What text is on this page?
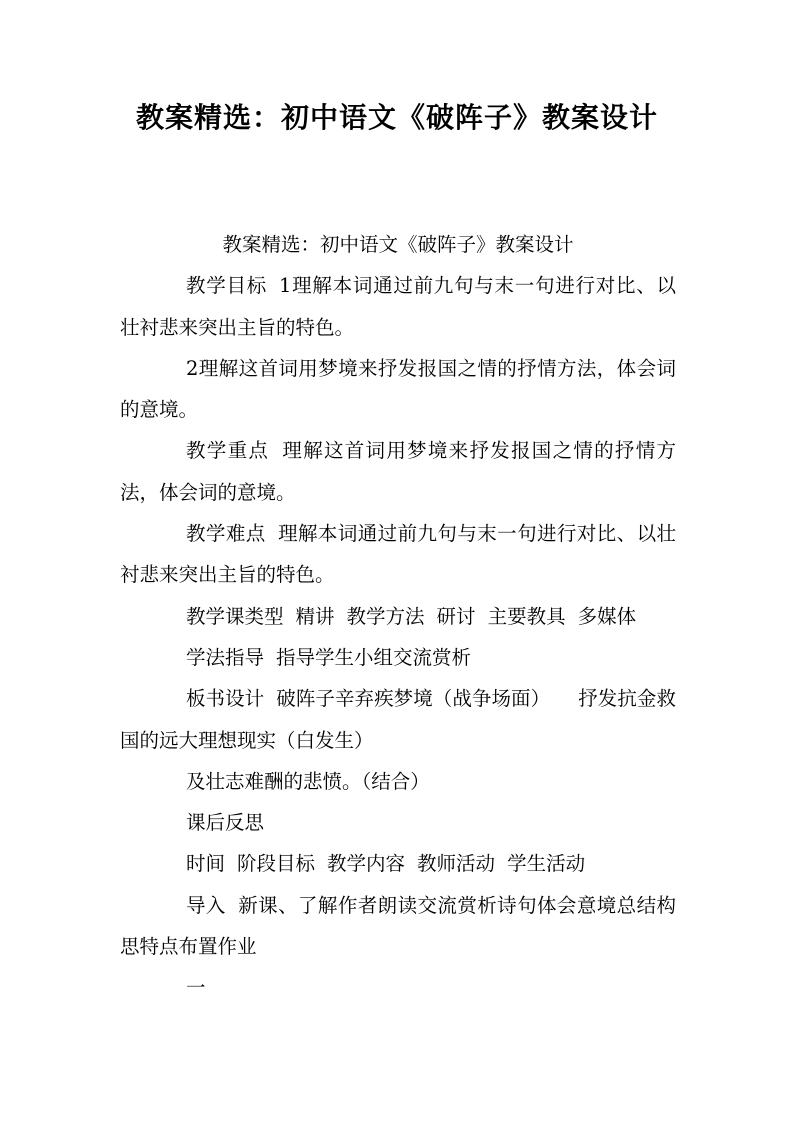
教案精选：初中语文《破阵子》教案设计

教案精选：初中语文《破阵子》教案设计

教学目标 1理解本词通过前九句与末一句进行对比、以壮衬悲来突出主旨的特色。

2理解这首词用梦境来抒发报国之情的抒情方法，体会词的意境。

教学重点 理解这首词用梦境来抒发报国之情的抒情方法，体会词的意境。

教学难点 理解本词通过前九句与末一句进行对比、以壮衬悲来突出主旨的特色。

教学课类型 精讲 教学方法 研讨 主要教具 多媒体

学法指导 指导学生小组交流赏析

板书设计 破阵子辛弃疾梦境（战争场面） 抒发抗金救国的远大理想现实（白发生）

及壮志难酬的悲愤。（结合）

课后反思

时间 阶段目标 教学内容 教师活动 学生活动

导入 新课、了解作者朗读交流赏析诗句体会意境总结构思特点布置作业

一
